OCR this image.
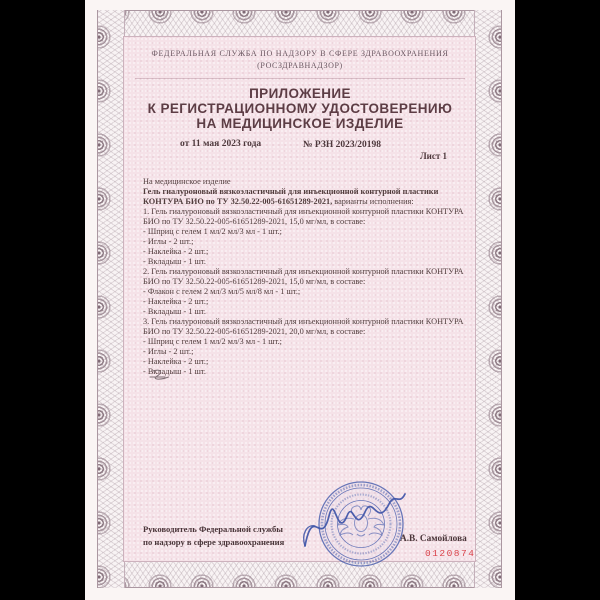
ФЕДЕРАЛЬНАЯ СЛУЖБА ПО НАДЗОРУ В СФЕРЕ ЗДРАВООХРАНЕНИЯ
(РОСЗДРАВНАДЗОР)
ПРИЛОЖЕНИЕ
К РЕГИСТРАЦИОННОМУ УДОСТОВЕРЕНИЮ
НА МЕДИЦИНСКОЕ ИЗДЕЛИЕ
от 11 мая 2023 года	№ РЗН 2023/20198
Лист 1

На медицинское изделие

Гель гиалуроновый вязкоэластичный для инъекционной контурной пластики КОНТУРА БИО по ТУ 32.50.22-005-61651289-2021, варианты исполнения:

1. Гель гиалуроновый вязкоэластичный для инъекционной контурной пластики КОНТУРА БИО по ТУ 32.50.22-005-61651289-2021, 15,0 мг/мл, в составе:

- Шприц с гелем 1 мл/2 мл/3 мл - 1 шт.;

- Иглы - 2 шт.;

- Наклейка - 2 шт.;

- Вкладыш - 1 шт.

2. Гель гиалуроновый вязкоэластичный для инъекционной контурной пластики КОНТУРА БИО по ТУ 32.50.22-005-61651289-2021, 15,0 мг/мл, в составе:

- Флакон с гелем 2 мл/3 мл/5 мл/8 мл - 1 шт.;

- Наклейка - 2 шт.;

- Вкладыш - 1 шт.

3. Гель гиалуроновый вязкоэластичный для инъекционной контурной пластики КОНТУРА БИО по ТУ 32.50.22-005-61651289-2021, 20,0 мг/мл, в составе:

- Шприц с гелем 1 мл/2 мл/3 мл - 1 шт.;

- Иглы - 2 шт.;

- Наклейка - 2 шт.;

- Вкладыш - 1 шт.

Руководитель Федеральной службы
по надзору в сфере здравоохранения	А.В. Самойлова
0120874
